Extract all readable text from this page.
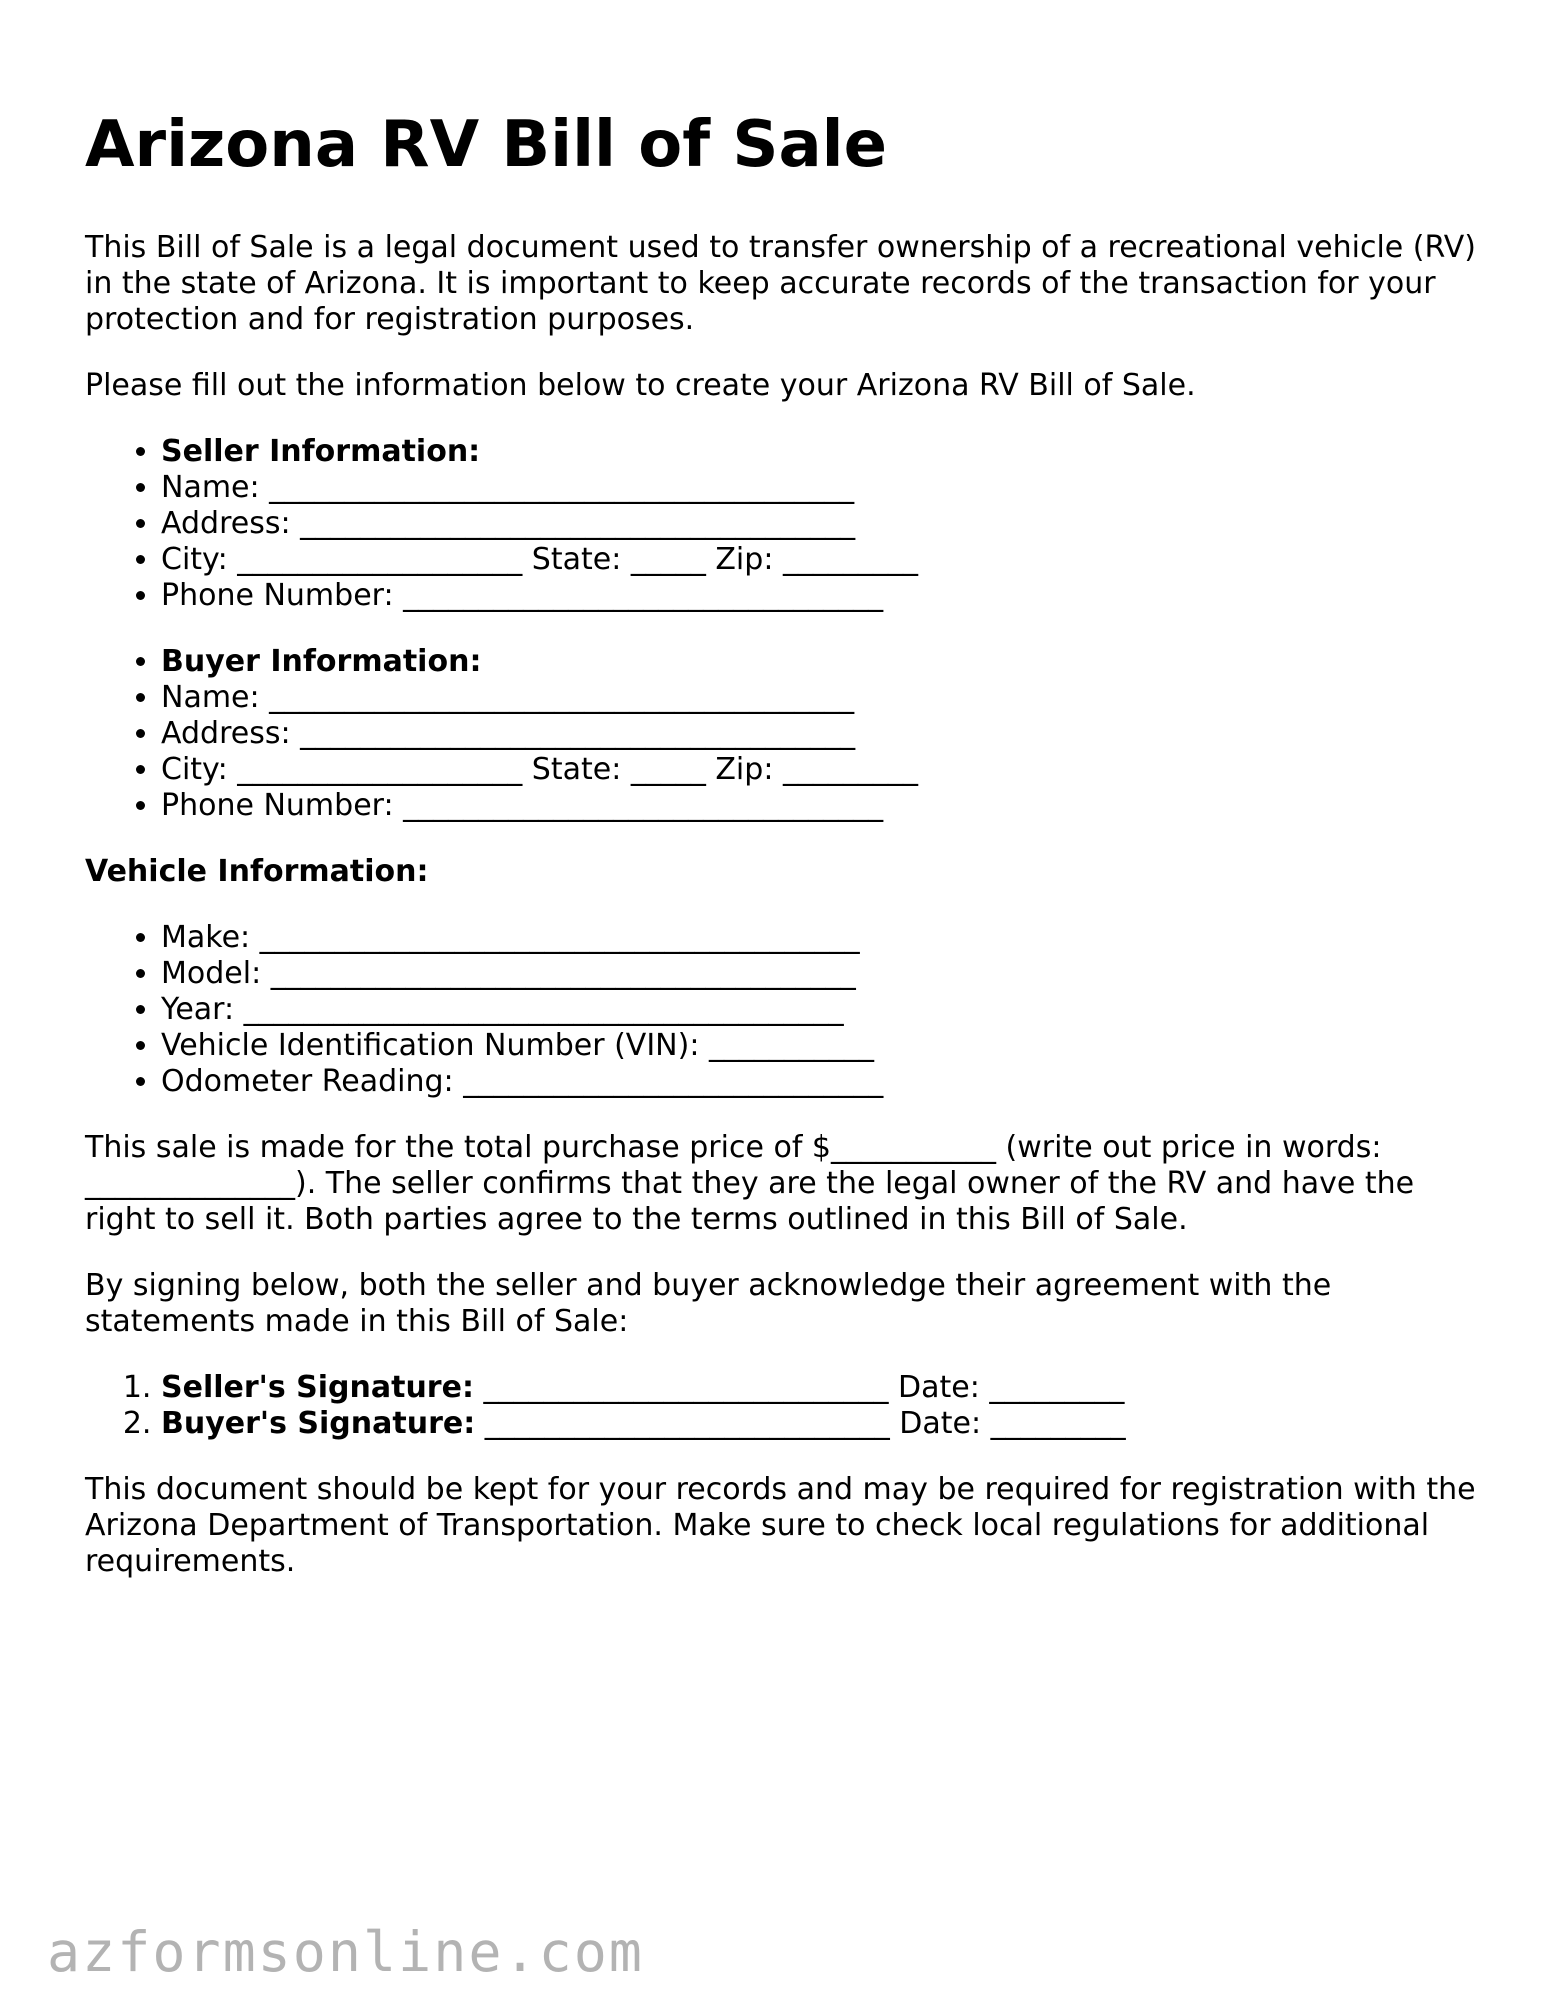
Arizona RV Bill of Sale

This Bill of Sale is a legal document used to transfer ownership of a recreational vehicle (RV) in the state of Arizona. It is important to keep accurate records of the transaction for your protection and for registration purposes.

Please fill out the information below to create your Arizona RV Bill of Sale.

• Seller Information:
• Name: _______________________________________
• Address: _____________________________________
• City: ___________________ State: _____ Zip: _________
• Phone Number: ________________________________
• Buyer Information:
• Name: _______________________________________
• Address: _____________________________________
• City: ___________________ State: _____ Zip: _________
• Phone Number: ________________________________

Vehicle Information:

• Make: ________________________________________
• Model: _______________________________________
• Year: ________________________________________
• Vehicle Identification Number (VIN): ___________
• Odometer Reading: ____________________________

This sale is made for the total purchase price of $___________ (write out price in words: ______________). The seller confirms that they are the legal owner of the RV and have the right to sell it. Both parties agree to the terms outlined in this Bill of Sale.

By signing below, both the seller and buyer acknowledge their agreement with the statements made in this Bill of Sale:

1. Seller's Signature: ___________________________ Date: _________
2. Buyer's Signature: ___________________________ Date: _________

This document should be kept for your records and may be required for registration with the Arizona Department of Transportation. Make sure to check local regulations for additional requirements.

azformsonline.com
